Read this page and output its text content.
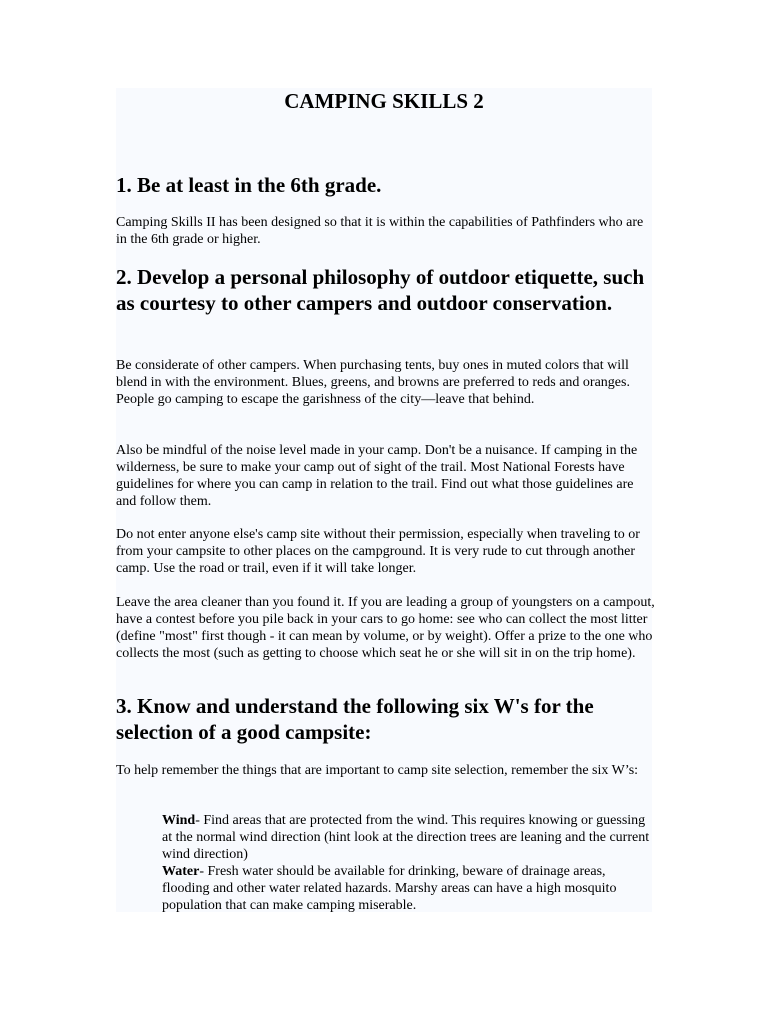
CAMPING SKILLS 2
1. Be at least in the 6th grade.

Camping Skills II has been designed so that it is within the capabilities of Pathfinders who are in the 6th grade or higher.

2. Develop a personal philosophy of outdoor etiquette, such as courtesy to other campers and outdoor conservation.

Be considerate of other campers. When purchasing tents, buy ones in muted colors that will blend in with the environment. Blues, greens, and browns are preferred to reds and oranges. People go camping to escape the garishness of the city—leave that behind.

Also be mindful of the noise level made in your camp. Don't be a nuisance. If camping in the wilderness, be sure to make your camp out of sight of the trail. Most National Forests have guidelines for where you can camp in relation to the trail. Find out what those guidelines are and follow them.

Do not enter anyone else's camp site without their permission, especially when traveling to or from your campsite to other places on the campground. It is very rude to cut through another camp. Use the road or trail, even if it will take longer.

Leave the area cleaner than you found it. If you are leading a group of youngsters on a campout, have a contest before you pile back in your cars to go home: see who can collect the most litter (define "most" first though - it can mean by volume, or by weight). Offer a prize to the one who collects the most (such as getting to choose which seat he or she will sit in on the trip home).

3. Know and understand the following six W's for the selection of a good campsite:

To help remember the things that are important to camp site selection, remember the six W’s:

Wind- Find areas that are protected from the wind. This requires knowing or guessing at the normal wind direction (hint look at the direction trees are leaning and the current wind direction)

Water- Fresh water should be available for drinking, beware of drainage areas, flooding and other water related hazards. Marshy areas can have a high mosquito population that can make camping miserable.
